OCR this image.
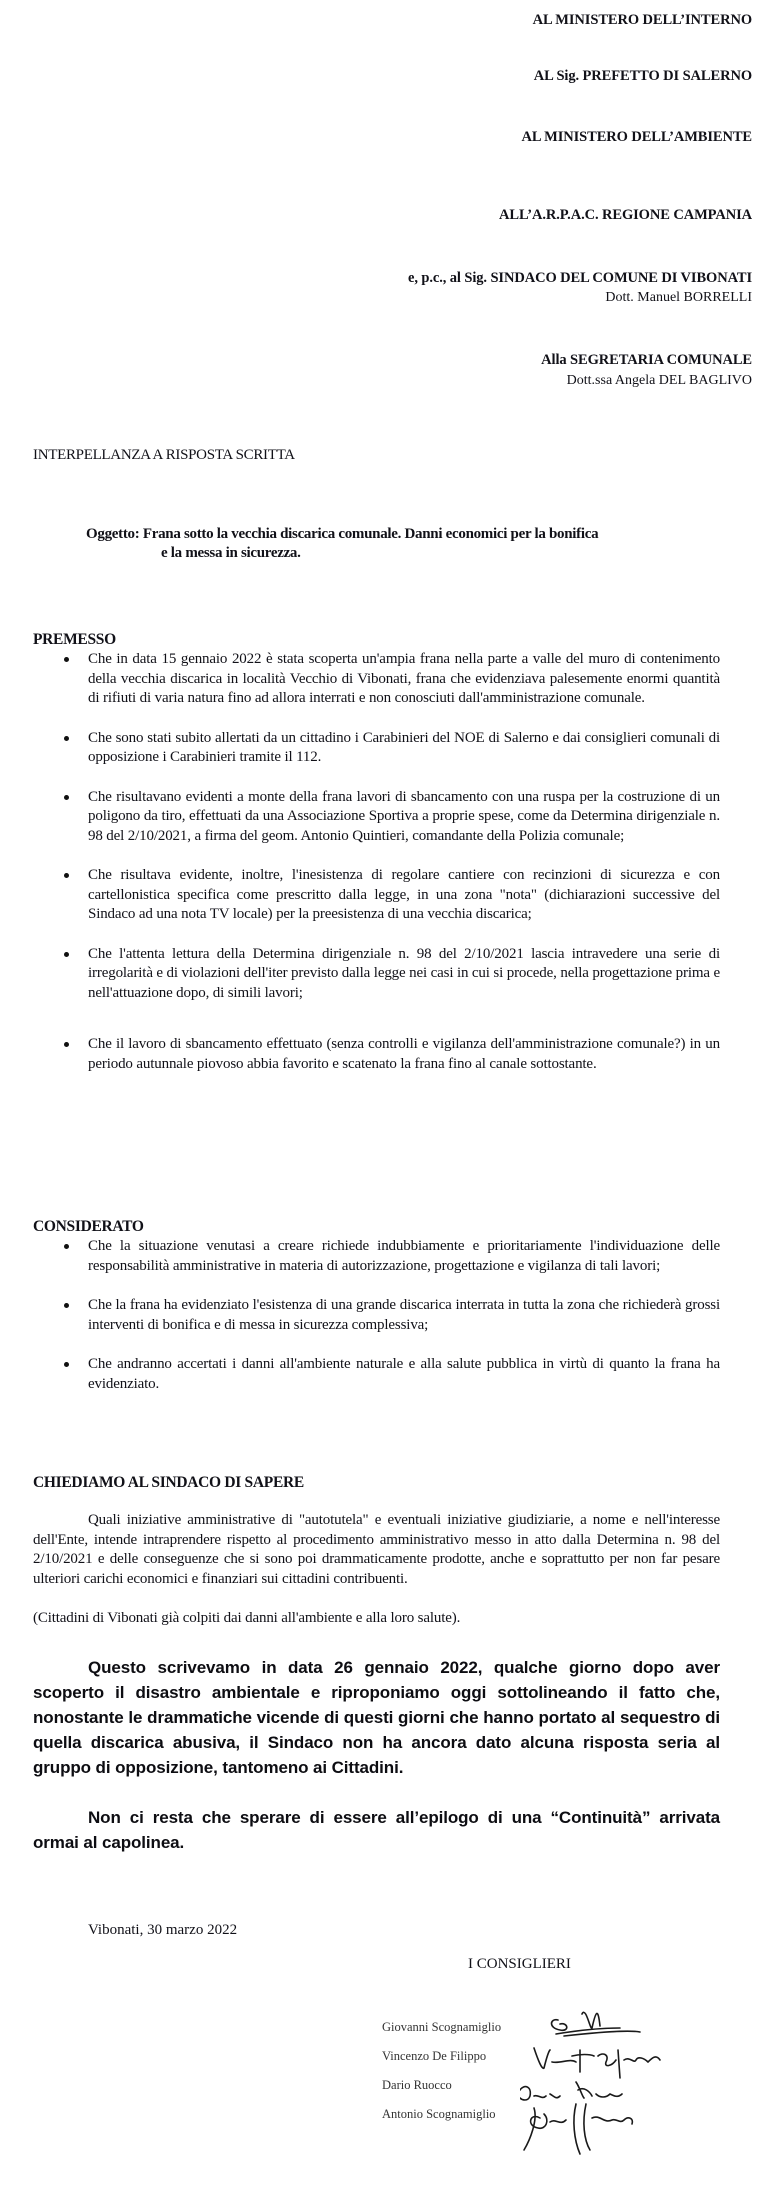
AL MINISTERO DELL’INTERNO
AL Sig. PREFETTO DI SALERNO
AL MINISTERO DELL’AMBIENTE
ALL’A.R.P.A.C. REGIONE CAMPANIA
e, p.c., al Sig. SINDACO DEL COMUNE DI VIBONATI
Dott. Manuel BORRELLI
Alla SEGRETARIA COMUNALE
Dott.ssa Angela DEL BAGLIVO
INTERPELLANZA A RISPOSTA SCRITTA
Oggetto: Frana sotto la vecchia discarica comunale. Danni economici per la bonifica
e la messa in sicurezza.
PREMESSO
Che in data 15 gennaio 2022 è stata scoperta un'ampia frana nella parte a valle del muro di contenimento della vecchia discarica in località Vecchio di Vibonati, frana che evidenziava palesemente enormi quantità di rifiuti di varia natura fino ad allora interrati e non conosciuti dall'amministrazione comunale.
Che sono stati subito allertati da un cittadino i Carabinieri del NOE di Salerno e dai consiglieri comunali di opposizione i Carabinieri tramite il 112.
Che risultavano evidenti a monte della frana lavori di sbancamento con una ruspa per la costruzione di un poligono da tiro, effettuati da una Associazione Sportiva a proprie spese, come da Determina dirigenziale n. 98 del 2/10/2021, a firma del geom. Antonio Quintieri, comandante della Polizia comunale;
Che risultava evidente, inoltre, l'inesistenza di regolare cantiere con recinzioni di sicurezza e con cartellonistica specifica come prescritto dalla legge, in una zona "nota" (dichiarazioni successive del Sindaco ad una nota TV locale) per la preesistenza di una vecchia discarica;
Che l'attenta lettura della Determina dirigenziale n. 98 del 2/10/2021 lascia intravedere una serie di irregolarità e di violazioni dell'iter previsto dalla legge nei casi in cui si procede, nella progettazione prima e nell'attuazione dopo, di simili lavori;
Che il lavoro di sbancamento effettuato (senza controlli e vigilanza dell'amministrazione comunale?) in un periodo autunnale piovoso abbia favorito e scatenato la frana fino al canale sottostante.
CONSIDERATO
Che la situazione venutasi a creare richiede indubbiamente e prioritariamente l'individuazione delle responsabilità amministrative in materia di autorizzazione, progettazione e vigilanza di tali lavori;
Che la frana ha evidenziato l'esistenza di una grande discarica interrata in tutta la zona che richiederà grossi interventi di bonifica e di messa in sicurezza complessiva;
Che andranno accertati i danni all'ambiente naturale e alla salute pubblica in virtù di quanto la frana ha evidenziato.
CHIEDIAMO AL SINDACO DI SAPERE
Quali iniziative amministrative di "autotutela" e eventuali iniziative giudiziarie, a nome e nell'interesse dell'Ente, intende intraprendere rispetto al procedimento amministrativo messo in atto dalla Determina n. 98 del 2/10/2021 e delle conseguenze che si sono poi drammaticamente prodotte, anche e soprattutto per non far pesare ulteriori carichi economici e finanziari sui cittadini contribuenti.
(Cittadini di Vibonati già colpiti dai danni all'ambiente e alla loro salute).
Questo scrivevamo in data 26 gennaio 2022, qualche giorno dopo aver scoperto il disastro ambientale e riproponiamo oggi sottolineando il fatto che, nonostante le drammatiche vicende di questi giorni che hanno portato al sequestro di quella discarica abusiva, il Sindaco non ha ancora dato alcuna risposta seria al gruppo di opposizione, tantomeno ai Cittadini.
Non ci resta che sperare di essere all’epilogo di una “Continuità” arrivata ormai al capolinea.
Vibonati, 30 marzo 2022
I CONSIGLIERI
Giovanni Scognamiglio
Vincenzo De Filippo
Dario Ruocco
Antonio Scognamiglio
